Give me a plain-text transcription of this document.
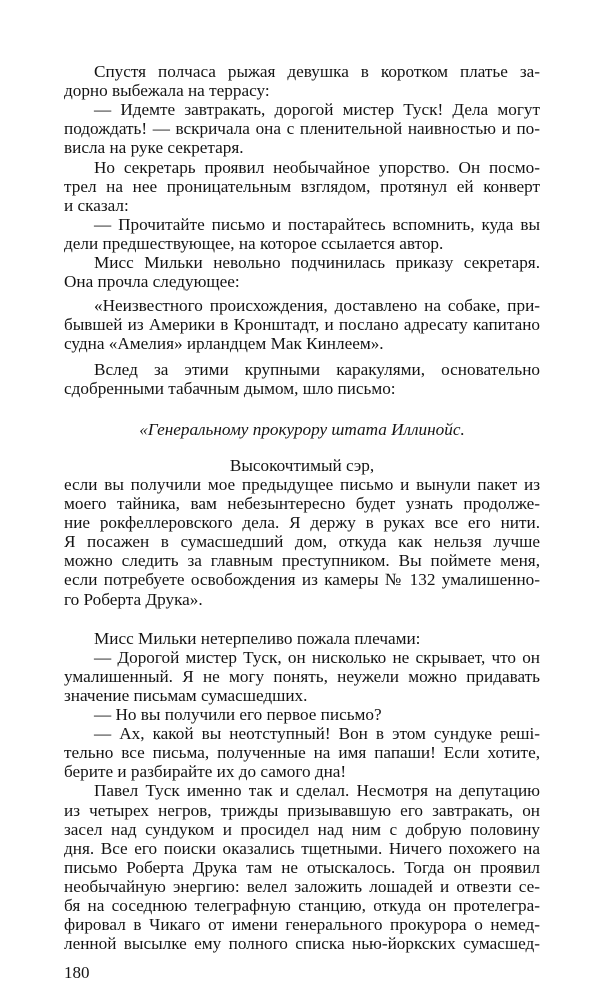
Спустя полчаса рыжая девушка в коротком платье за-
дорно выбежала на террасу:
— Идемте завтракать, дорогой мистер Туск! Дела могут
подождать! — вскричала она с пленительной наивностью и по-
висла на руке секретаря.
Но секретарь проявил необычайное упорство. Он посмо-
трел на нее проницательным взглядом, протянул ей конверт
и сказал:
— Прочитайте письмо и постарайтесь вспомнить, куда вы
дели предшествующее, на которое ссылается автор.
Мисс Мильки невольно подчинилась приказу секретаря.
Она прочла следующее:
«Неизвестного происхождения, доставлено на собаке, при-
бывшей из Америки в Кронштадт, и послано адресату капитано
судна «Амелия» ирландцем Мак Кинлеем».
Вслед за этими крупными каракулями, основательно
сдобренными табачным дымом, шло письмо:
«Генеральному прокурору штата Иллинойс.
Высокочтимый сэр,
если вы получили мое предыдущее письмо и вынули пакет из
моего тайника, вам небезынтересно будет узнать продолже-
ние рокфеллеровского дела. Я держу в руках все его нити.
Я посажен в сумасшедший дом, откуда как нельзя лучше
можно следить за главным преступником. Вы поймете меня,
если потребуете освобождения из камеры № 132 умалишенно-
го Роберта Друка».
Мисс Мильки нетерпеливо пожала плечами:
— Дорогой мистер Туск, он нисколько не скрывает, что он
умалишенный. Я не могу понять, неужели можно придавать
значение письмам сумасшедших.
— Но вы получили его первое письмо?
— Ах, какой вы неотступный! Вон в этом сундуке решi-
тельно все письма, полученные на имя папаши! Если хотите,
берите и разбирайте их до самого дна!
Павел Туск именно так и сделал. Несмотря на депутацию
из четырех негров, трижды призывавшую его завтракать, он
засел над сундуком и просидел над ним с добрую половину
дня. Все его поиски оказались тщетными. Ничего похожего на
письмо Роберта Друка там не отыскалось. Тогда он проявил
необычайную энергию: велел заложить лошадей и отвезти се-
бя на соседнюю телеграфную станцию, откуда он протелегра-
фировал в Чикаго от имени генерального прокурора о немед-
ленной высылке ему полного списка нью-йоркских сумасшед-
180
